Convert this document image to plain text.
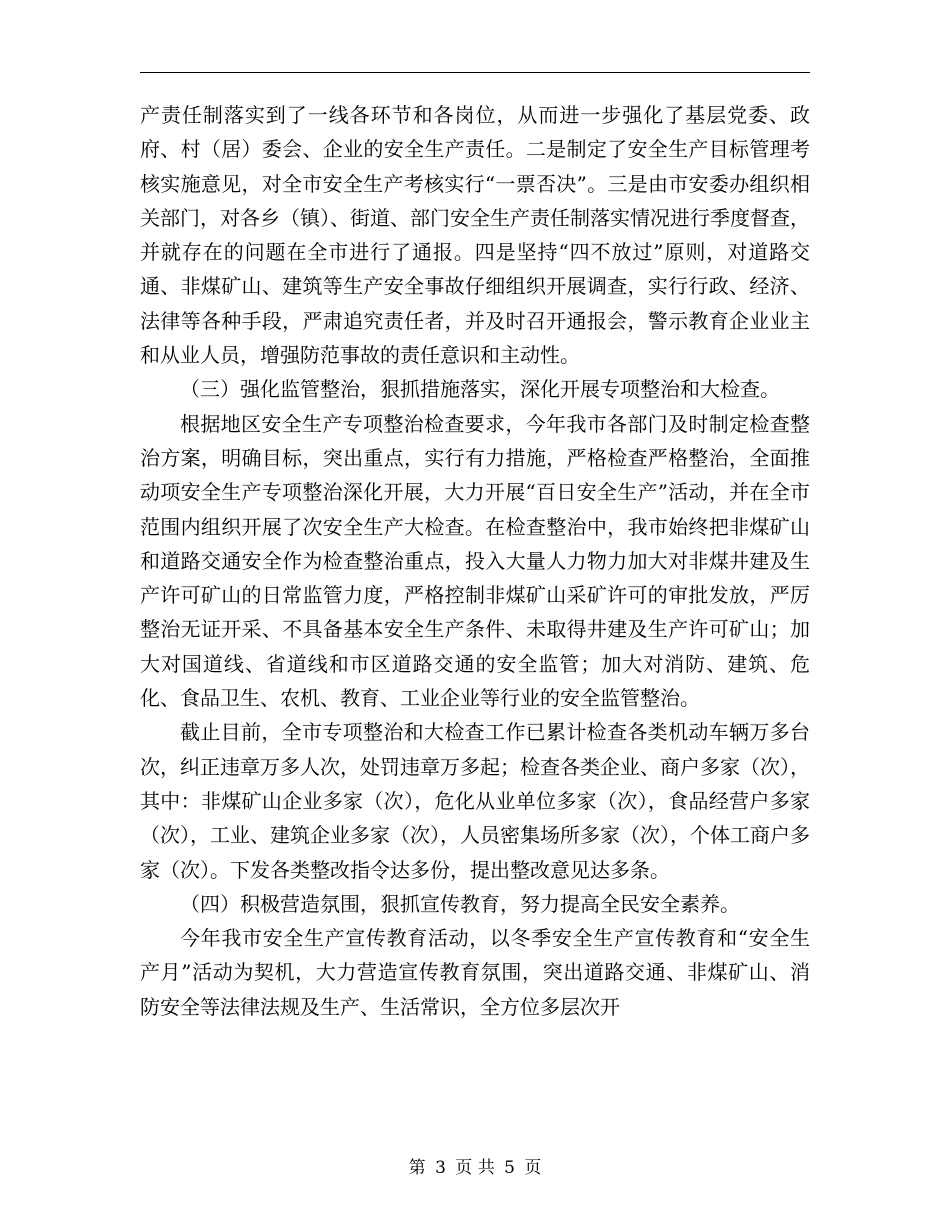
产责任制落实到了一线各环节和各岗位，从而进一步强化了基层党委、政府、村（居）委会、企业的安全生产责任。二是制定了安全生产目标管理考核实施意见，对全市安全生产考核实行“一票否决”。三是由市安委办组织相关部门，对各乡（镇）、街道、部门安全生产责任制落实情况进行季度督查，并就存在的问题在全市进行了通报。四是坚持“四不放过”原则，对道路交通、非煤矿山、建筑等生产安全事故仔细组织开展调查，实行行政、经济、法律等各种手段，严肃追究责任者，并及时召开通报会，警示教育企业业主和从业人员，增强防范事故的责任意识和主动性。

（三）强化监管整治，狠抓措施落实，深化开展专项整治和大检查。

根据地区安全生产专项整治检查要求，今年我市各部门及时制定检查整治方案，明确目标，突出重点，实行有力措施，严格检查严格整治，全面推动项安全生产专项整治深化开展，大力开展“百日安全生产”活动，并在全市范围内组织开展了次安全生产大检查。在检查整治中，我市始终把非煤矿山和道路交通安全作为检查整治重点，投入大量人力物力加大对非煤井建及生产许可矿山的日常监管力度，严格控制非煤矿山采矿许可的审批发放，严厉整治无证开采、不具备基本安全生产条件、未取得井建及生产许可矿山；加大对国道线、省道线和市区道路交通的安全监管；加大对消防、建筑、危化、食品卫生、农机、教育、工业企业等行业的安全监管整治。

截止目前，全市专项整治和大检查工作已累计检查各类机动车辆万多台次，纠正违章万多人次，处罚违章万多起；检查各类企业、商户多家（次），其中：非煤矿山企业多家（次），危化从业单位多家（次），食品经营户多家（次），工业、建筑企业多家（次），人员密集场所多家（次），个体工商户多家（次）。下发各类整改指令达多份，提出整改意见达多条。

（四）积极营造氛围，狠抓宣传教育，努力提高全民安全素养。

今年我市安全生产宣传教育活动，以冬季安全生产宣传教育和“安全生产月”活动为契机，大力营造宣传教育氛围，突出道路交通、非煤矿山、消防安全等法律法规及生产、生活常识，全方位多层次开

第 3 页 共 5 页
